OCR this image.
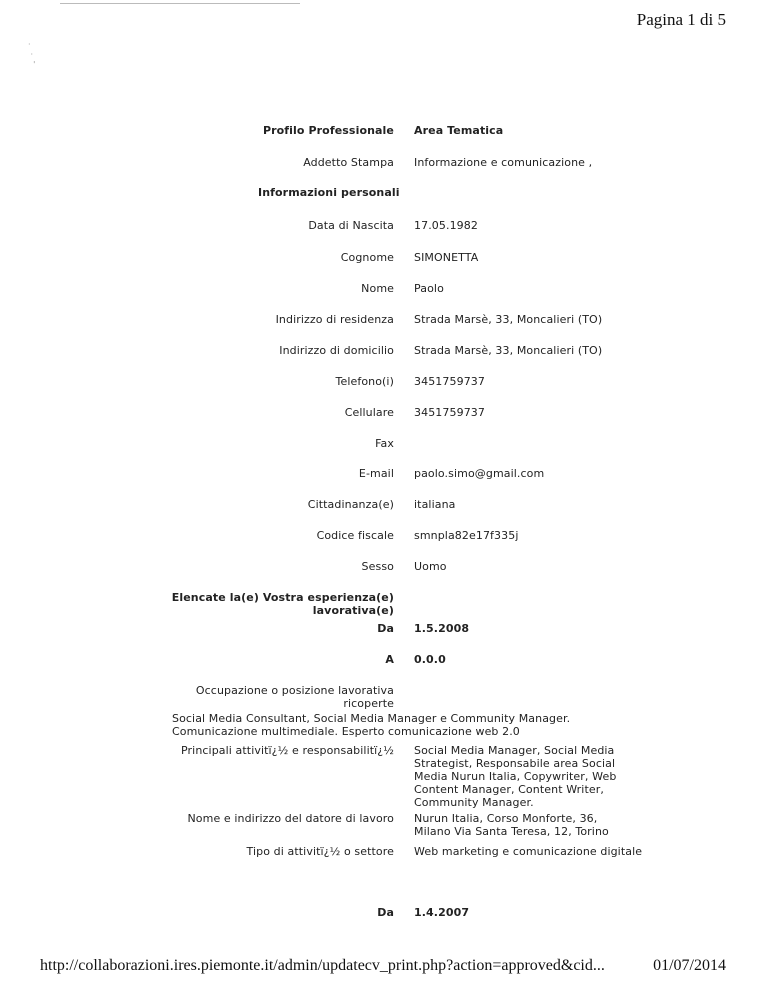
Pagina 1 di 5
·
·
'
Profilo Professionale Area Tematica
Addetto Stampa Informazione e comunicazione ,
Informazioni personali
Data di Nascita 17.05.1982
Cognome SIMONETTA
Nome Paolo
Indirizzo di residenza Strada Marsè, 33, Moncalieri (TO)
Indirizzo di domicilio Strada Marsè, 33, Moncalieri (TO)
Telefono(i) 3451759737
Cellulare 3451759737
Fax
E-mail paolo.simo@gmail.com
Cittadinanza(e) italiana
Codice fiscale smnpla82e17f335j
Sesso Uomo
Elencate la(e) Vostra esperienza(e)
lavorativa(e)
Da 1.5.2008
A 0.0.0
Occupazione o posizione lavorativa
ricoperte
Social Media Consultant, Social Media Manager e Community Manager. Comunicazione multimediale. Esperto comunicazione web 2.0
Principali attivitï¿½ e responsabilitï¿½ Social Media Manager, Social Media Strategist, Responsabile area Social Media Nurun Italia, Copywriter, Web Content Manager, Content Writer, Community Manager.
Nome e indirizzo del datore di lavoro Nurun Italia, Corso Monforte, 36, Milano Via Santa Teresa, 12, Torino
Tipo di attivitï¿½ o settore Web marketing e comunicazione digitale
Da 1.4.2007
http://collaborazioni.ires.piemonte.it/admin/updatecv_print.php?action=approved&cid...	01/07/2014
